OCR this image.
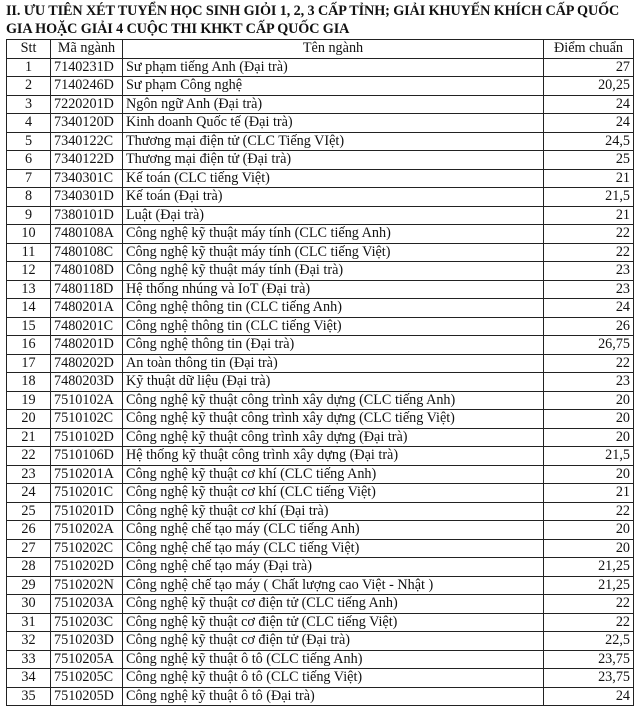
II. ƯU TIÊN XÉT TUYỂN HỌC SINH GIỎI 1, 2, 3 CẤP TỈNH; GIẢI KHUYẾN KHÍCH CẤP QUỐC GIA HOẶC GIẢI 4 CUỘC THI KHKT CẤP QUỐC GIA
Stt	Mã ngành	Tên ngành	Điểm chuẩn
1	7140231D	Sư phạm tiếng Anh (Đại trà)	27
2	7140246D	Sư phạm Công nghệ	20,25
3	7220201D	Ngôn ngữ Anh (Đại trà)	24
4	7340120D	Kinh doanh Quốc tế (Đại trà)	24
5	7340122C	Thương mại điện tử (CLC Tiếng VIệt)	24,5
6	7340122D	Thương mại điện tử (Đại trà)	25
7	7340301C	Kế toán (CLC tiếng Việt)	21
8	7340301D	Kế toán (Đại trà)	21,5
9	7380101D	Luật (Đại trà)	21
10	7480108A	Công nghệ kỹ thuật máy tính (CLC tiếng Anh)	22
11	7480108C	Công nghệ kỹ thuật máy tính (CLC tiếng Việt)	22
12	7480108D	Công nghệ kỹ thuật máy tính (Đại trà)	23
13	7480118D	Hệ thống nhúng và IoT (Đại trà)	23
14	7480201A	Công nghệ thông tin (CLC tiếng Anh)	24
15	7480201C	Công nghệ thông tin (CLC tiếng Việt)	26
16	7480201D	Công nghệ thông tin (Đại trà)	26,75
17	7480202D	An toàn thông tin (Đại trà)	22
18	7480203D	Kỹ thuật dữ liệu (Đại trà)	23
19	7510102A	Công nghệ kỹ thuật công trình xây dựng (CLC tiếng Anh)	20
20	7510102C	Công nghệ kỹ thuật công trình xây dựng (CLC tiếng Việt)	20
21	7510102D	Công nghệ kỹ thuật công trình xây dựng (Đại trà)	20
22	7510106D	Hệ thống kỹ thuật công trình xây dựng (Đại trà)	21,5
23	7510201A	Công nghệ kỹ thuật cơ khí (CLC tiếng Anh)	20
24	7510201C	Công nghệ kỹ thuật cơ khí (CLC tiếng Việt)	21
25	7510201D	Công nghệ kỹ thuật cơ khí (Đại trà)	22
26	7510202A	Công nghệ chế tạo máy (CLC tiếng Anh)	20
27	7510202C	Công nghệ chế tạo máy (CLC tiếng Việt)	20
28	7510202D	Công nghệ chế tạo máy (Đại trà)	21,25
29	7510202N	Công nghệ chế tạo máy ( Chất lượng cao Việt - Nhật )	21,25
30	7510203A	Công nghệ kỹ thuật cơ điện tử (CLC tiếng Anh)	22
31	7510203C	Công nghệ kỹ thuật cơ điện tử (CLC tiếng Việt)	22
32	7510203D	Công nghệ kỹ thuật cơ điện tử (Đại trà)	22,5
33	7510205A	Công nghệ kỹ thuật ô tô (CLC tiếng Anh)	23,75
34	7510205C	Công nghệ kỹ thuật ô tô (CLC tiếng Việt)	23,75
35	7510205D	Công nghệ kỹ thuật ô tô (Đại trà)	24
